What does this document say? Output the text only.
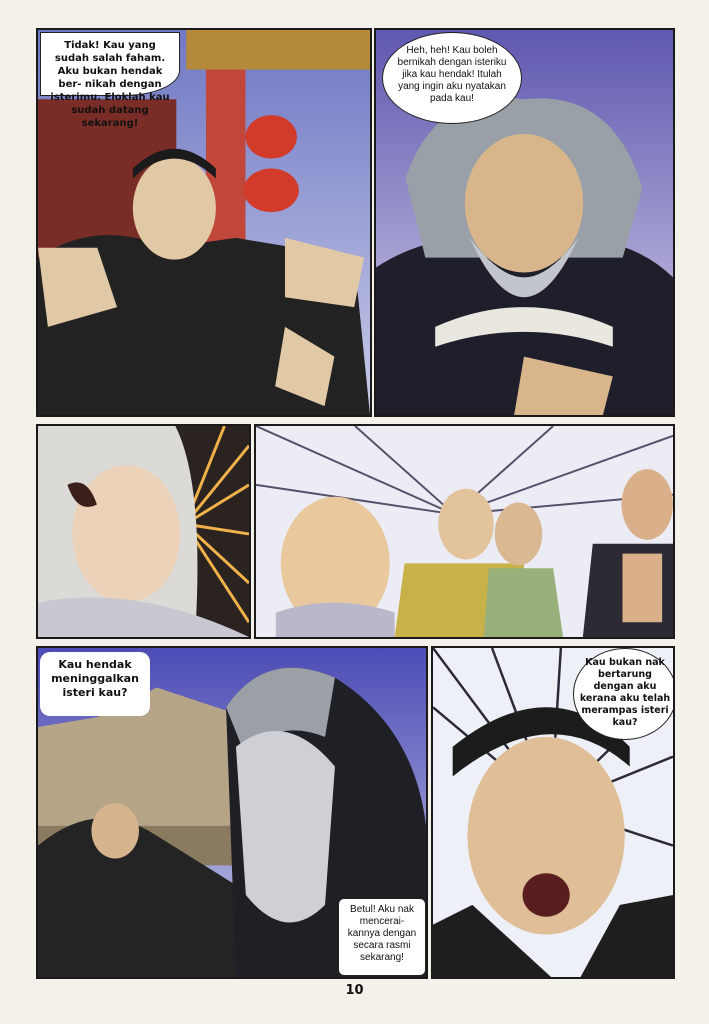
Tidak! Kau yang sudah salah faham. Aku bukan hendak ber- nikah dengan isterimu. Eloklah kau sudah datang sekarang!
Heh, heh! Kau boleh bernikah dengan isteriku jika kau hendak! Itulah yang ingin aku nyatakan pada kau!
Kau hendak meninggalkan isteri kau?
Betul! Aku nak mencerai- kannya dengan secara rasmi sekarang!
Kau bukan nak bertarung dengan aku kerana aku telah merampas isteri kau?
10
